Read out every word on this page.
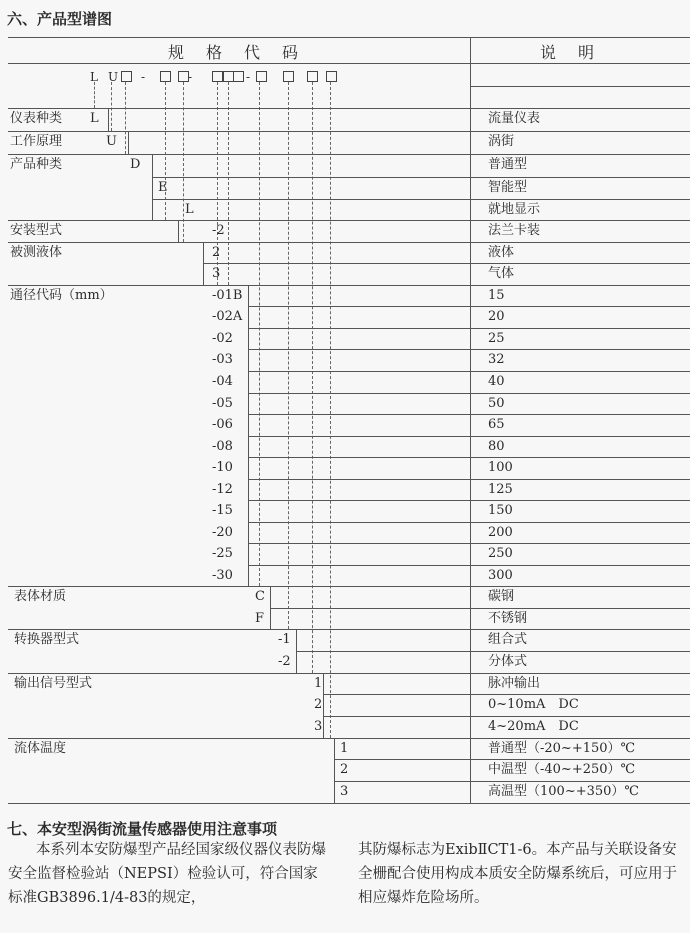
六、产品型谱图
规格代码	说明
L U -	-	-
仪表种类 L	流量仪表
工作原理	U	涡街
产品种类	D	普通型
E	智能型
L	就地显示
安装型式	-2	法兰卡装
被测液体	2	液体
3	气体
通径代码（mm）	-01B	15
-02A	20
-02	25
-03	32
-04	40
-05	50
-06	65
-08	80
-10	100
-12	125
-15	150
-20	200
-25	250
-30	300
表体材质	C	碳钢
F	不锈钢
转换器型式	-1	组合式
-2	分体式
输出信号型式	1	脉冲输出
2	0~10mA　DC
3	4~20mA　DC
流体温度	1	普通型（-20~+150）℃
2	中温型（-40~+250）℃
3	高温型（100~+350）℃
七、本安型涡街流量传感器使用注意事项
本系列本安防爆型产品经国家级仪器仪表防爆安全监督检验站（NEPSI）检验认可，符合国家标准GB3896.1/4-83的规定，
其防爆标志为ExibⅡCT1-6。本产品与关联设备安全栅配合使用构成本质安全防爆系统后，可应用于相应爆炸危险场所。
